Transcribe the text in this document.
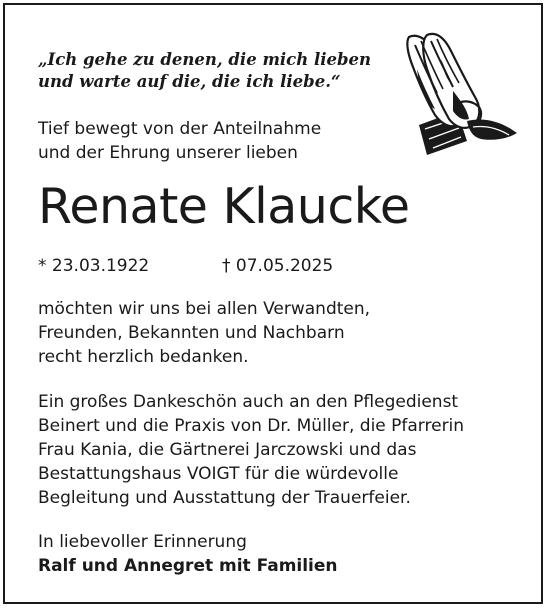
„Ich gehe zu denen, die mich lieben
und warte auf die, die ich liebe.“

Tief bewegt von der Anteilnahme
und der Ehrung unserer lieben

Renate Klaucke
* 23.03.1922	† 07.05.2025

möchten wir uns bei allen Verwandten,
Freunden, Bekannten und Nachbarn
recht herzlich bedanken.

Ein großes Dankeschön auch an den Pflegedienst
Beinert und die Praxis von Dr. Müller, die Pfarrerin
Frau Kania, die Gärtnerei Jarczowski und das
Bestattungshaus VOIGT für die würdevolle
Begleitung und Ausstattung der Trauerfeier.

In liebevoller Erinnerung

Ralf und Annegret mit Familien
